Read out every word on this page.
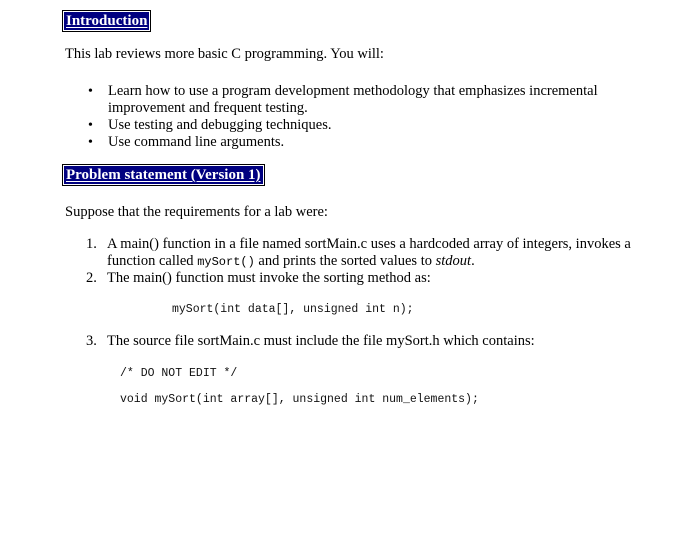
Introduction
This lab reviews more basic C programming. You will:
• Learn how to use a program development methodology that emphasizes incremental improvement and frequent testing.
• Use testing and debugging techniques.
• Use command line arguments.
Problem statement (Version 1)
Suppose that the requirements for a lab were:
1. A main() function in a file named sortMain.c uses a hardcoded array of integers, invokes a function called mySort() and prints the sorted values to stdout.
2. The main() function must invoke the sorting method as:
mySort(int data[], unsigned int n);
3. The source file sortMain.c must include the file mySort.h which contains:
/* DO NOT EDIT */
void mySort(int array[], unsigned int num_elements);
